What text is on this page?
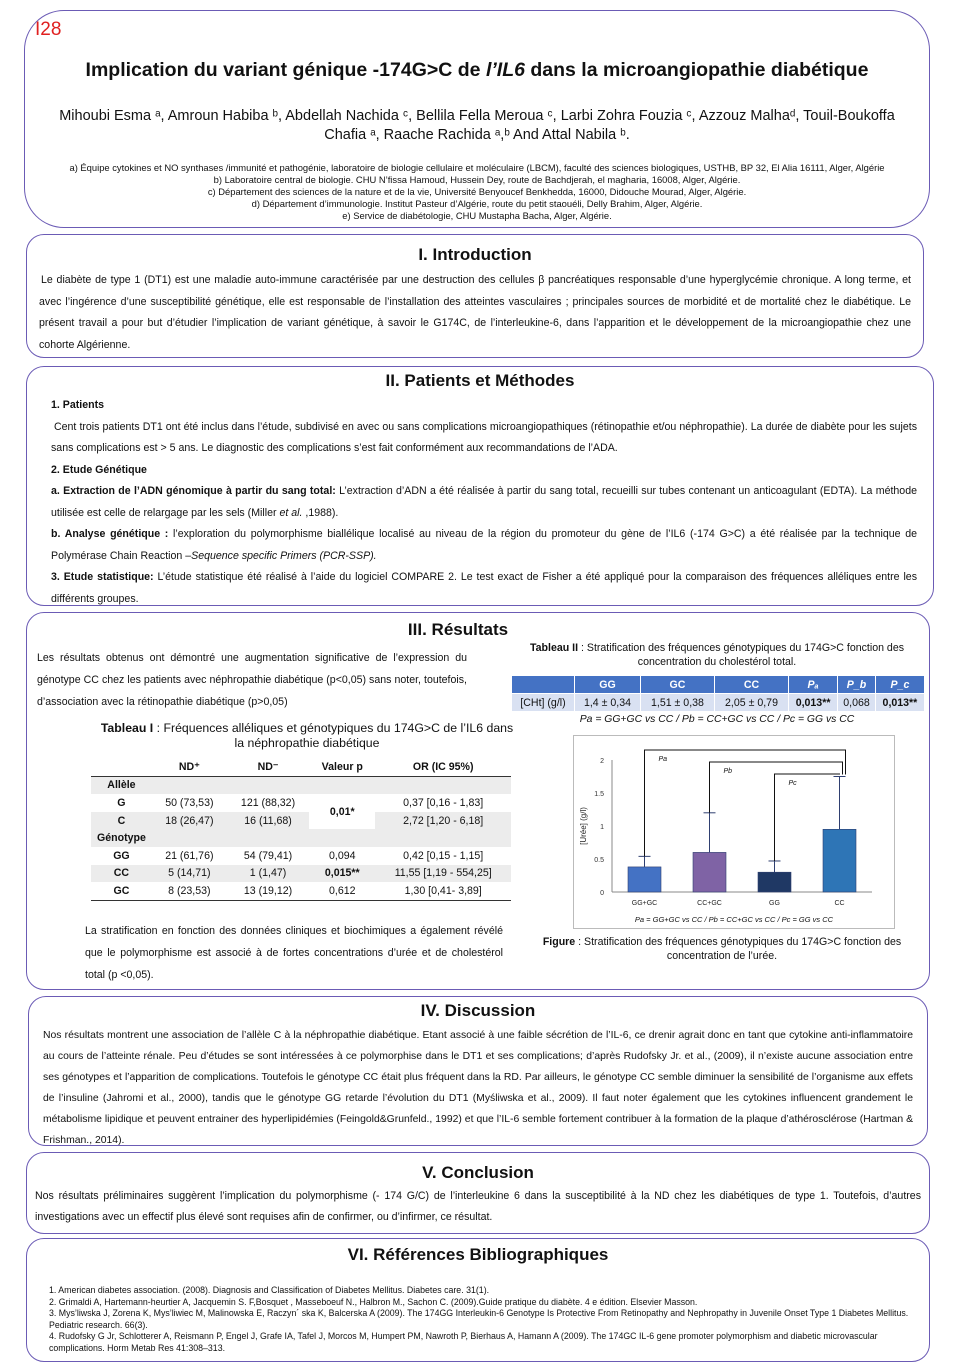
I28
Implication du variant génique -174G>C de l’IL6 dans la microangiopathie diabétique
Mihoubi Esma ᵃ, Amroun Habiba ᵇ, Abdellah Nachida ᶜ, Bellila Fella Meroua ᶜ, Larbi Zohra Fouzia ᶜ, Azzouz Malhaᵈ, Touil-Boukoffa
Chafia ᵃ, Raache Rachida ᵃ,ᵇ And Attal Nabila ᵇ.
a) Équipe cytokines et NO synthases /immunité et pathogénie, laboratoire de biologie cellulaire et moléculaire (LBCM), faculté des sciences biologiques, USTHB, BP 32, El Alia 16111, Alger, Algérie
b) Laboratoire central de biologie. CHU N’fissa Hamoud, Hussein Dey, route de Bachdjerah, el magharia, 16008, Alger, Algérie.
c) Département des sciences de la nature et de la vie, Université Benyoucef Benkhedda, 16000, Didouche Mourad, Alger, Algérie.
d) Département d’immunologie. Institut Pasteur d’Algérie, route du petit staouéli, Delly Brahim, Alger, Algérie.
e) Service de diabétologie, CHU Mustapha Bacha, Alger, Algérie.
I. Introduction

Le diabète de type 1 (DT1) est une maladie auto-immune caractérisée par une destruction des cellules β pancréatiques responsable d’une hyperglycémie chronique. A long terme, et avec l’ingérence d’une susceptibilité génétique, elle est responsable de l’installation des atteintes vasculaires ; principales sources de morbidité et de mortalité chez le diabétique. Le présent travail a pour but d’étudier l’implication de variant génétique, à savoir le G174C, de l’interleukine-6, dans l’apparition et le développement de la microangiopathie chez une cohorte Algérienne.

II. Patients et Méthodes

1. Patients

Cent trois patients DT1 ont été inclus dans l’étude, subdivisé en avec ou sans complications microangiopathiques (rétinopathie et/ou néphropathie). La durée de diabète pour les sujets sans complications est > 5 ans. Le diagnostic des complications s’est fait conformément aux recommandations de l’ADA.

2. Etude Génétique

a. Extraction de l’ADN génomique à partir du sang total: L’extraction d’ADN a été réalisée à partir du sang total, recueilli sur tubes contenant un anticoagulant (EDTA). La méthode utilisée est celle de relargage par les sels (Miller et al. ,1988).

b. Analyse génétique : l’exploration du polymorphisme biallélique localisé au niveau de la région du promoteur du gène de l’IL6 (-174 G>C) a été réalisée par la technique de Polymérase Chain Reaction –Sequence specific Primers (PCR-SSP).

3. Etude statistique: L’étude statistique été réalisé à l’aide du logiciel COMPARE 2. Le test exact de Fisher a été appliqué pour la comparaison des fréquences alléliques entre les différents groupes.

III. Résultats

Les résultats obtenus ont démontré une augmentation significative de l’expression du génotype CC chez les patients avec néphropathie diabétique (p<0,05) sans noter, toutefois, d’association avec la rétinopathie diabétique (p>0,05)

Tableau I : Fréquences alléliques et génotypiques du 174G>C de l’IL6 dans la néphropathie diabétique
	ND⁺	ND⁻	Valeur p	OR (IC 95%)
Allèle				
G	50 (73,53)	121 (88,32)	0,01*	0,37 [0,16 - 1,83]
C	18 (26,47)	16 (11,68)		2,72 [1,20 - 6,18]
Génotype				
GG	21 (61,76)	54 (79,41)	0,094	0,42 [0,15 - 1,15]
CC	5 (14,71)	1 (1,47)	0,015**	11,55 [1,19 - 554,25]
GC	8 (23,53)	13 (19,12)	0,612	1,30 [0,41- 3,89]

La stratification en fonction des données cliniques et biochimiques a également révélé que le polymorphisme est associé à de fortes concentrations d’urée et de cholestérol total (p <0,05).

Tableau II : Stratification des fréquences génotypiques du 174G>C fonction des concentration du cholestérol total.
	GG	GC	CC	Pₐ	P_b	P_c
[CHt] (g/l)	1,4 ± 0,34	1,51 ± 0,38	2,05 ± 0,79	0,013**	0,068	0,013**
Pa = GG+GC vs CC / Pb = CC+GC vs CC / Pc = GG vs CC
0
0.5
1
1.5
2
[Urée] (g/l)
GG+GC	CC+GC	GG	CC
Pa
Pb
Pc
Pa = GG+GC vs CC / Pb = CC+GC vs CC / Pc = GG vs CC
Figure : Stratification des fréquences génotypiques du 174G>C fonction des concentration de l’urée.
IV. Discussion

Nos résultats montrent une association de l’allèle C à la néphropathie diabétique. Etant associé à une faible sécrétion de l’IL-6, ce drenir agrait donc en tant que cytokine anti-inflammatoire au cours de l’atteinte rénale. Peu d’études se sont intéressées à ce polymorphise dans le DT1 et ses complications; d’après Rudofsky Jr. et al., (2009), il n’existe aucune association entre ses génotypes et l’apparition de complications. Toutefois le génotype CC était plus fréquent dans la RD. Par ailleurs, le génotype CC semble diminuer la sensibilité de l’organisme aux effets de l’insuline (Jahromi et al., 2000), tandis que le génotype GG retarde l’évolution du DT1 (Myśliwska et al., 2009). Il faut noter également que les cytokines influencent grandement le métabolisme lipidique et peuvent entrainer des hyperlipidémies (Feingold&Grunfeld., 1992) et que l’IL-6 semble fortement contribuer à la formation de la plaque d’athérosclérose (Hartman & Frishman., 2014).

V. Conclusion

Nos résultats préliminaires suggèrent l’implication du polymorphisme (- 174 G/C) de l’interleukine 6 dans la susceptibilité à la ND chez les diabétiques de type 1. Toutefois, d’autres investigations avec un effectif plus élevé sont requises afin de confirmer, ou d’infirmer, ce résultat.

VI. Références Bibliographiques
1. American diabetes association. (2008). Diagnosis and Classification of Diabetes Mellitus. Diabetes care. 31(1).
2. Grimaldi A, Hartemann-heurtier A, Jacquemin S. F,Bosquet , Masseboeuf N., Halbron M., Sachon C. (2009).Guide pratique du diabète. 4 e édition. Elsevier Masson.
3. Mys’liwska J, Zorena K, Mys’liwiec M, Malinowska E, Raczyn´ ska K, Balcerska A (2009). The 174GG Interleukin-6 Genotype Is Protective From Retinopathy and Nephropathy in Juvenile Onset Type 1 Diabetes Mellitus. Pediatric research. 66(3).
4. Rudofsky G Jr, Schlotterer A, Reismann P, Engel J, Grafe IA, Tafel J, Morcos M, Humpert PM, Nawroth P, Bierhaus A, Hamann A (2009). The 174GC IL-6 gene promoter polymorphism and diabetic microvascular complications. Horm Metab Res 41:308–313.
